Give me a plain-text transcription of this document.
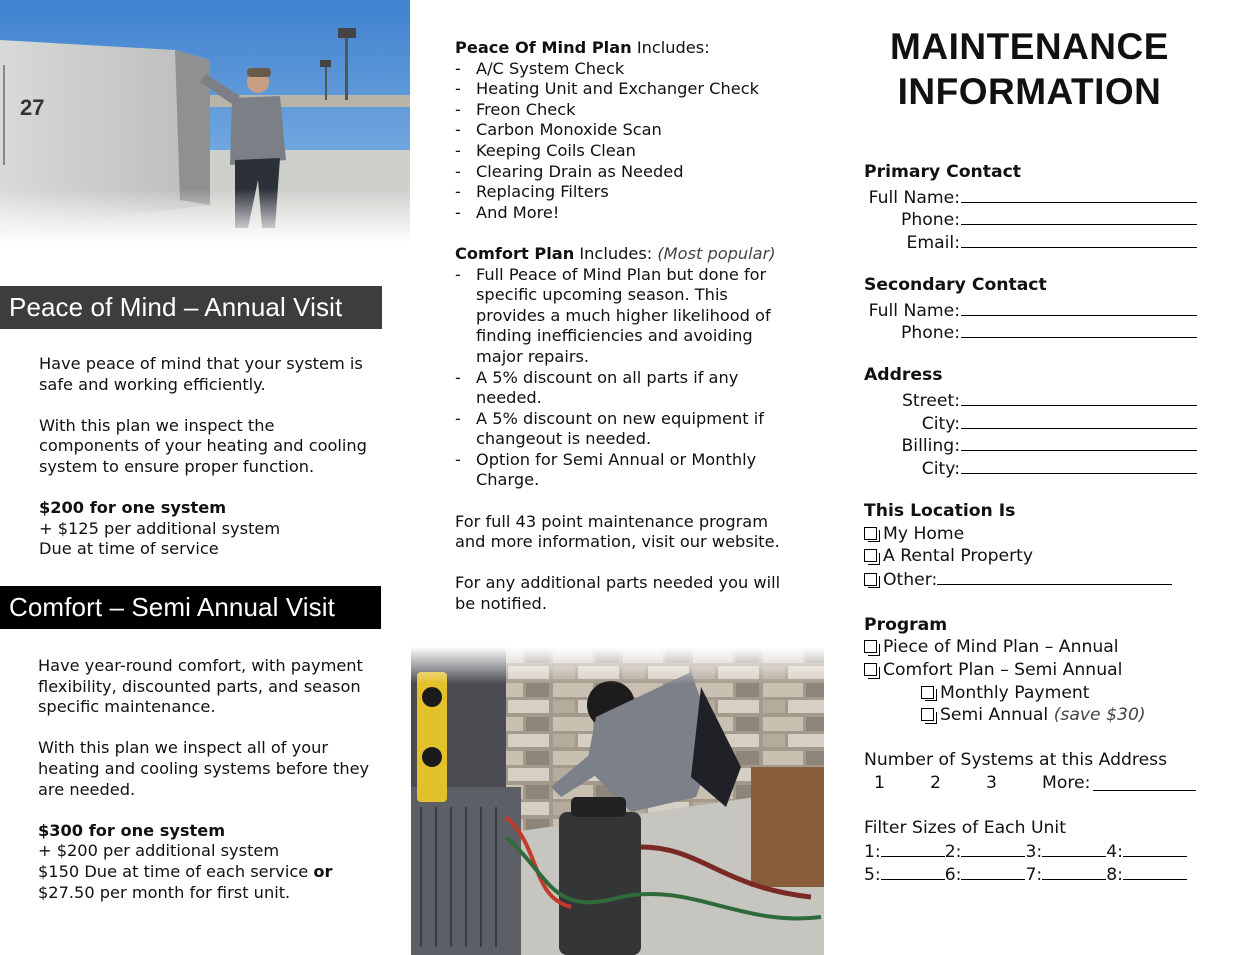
Peace of Mind – Annual Visit

Have peace of mind that your system is safe and working efficiently.

With this plan we inspect the components of your heating and cooling system to ensure proper function.

$200 for one system

+ $125 per additional system

Due at time of service

Comfort – Semi Annual Visit

Have year-round comfort, with payment flexibility, discounted parts, and season specific maintenance.

With this plan we inspect all of your heating and cooling systems before they are needed.

$300 for one system

+ $200 per additional system

$150 Due at time of each service or
$27.50 per month for first unit.

Peace Of Mind Plan Includes:

- A/C System Check
- Heating Unit and Exchanger Check
- Freon Check
- Carbon Monoxide Scan
- Keeping Coils Clean
- Clearing Drain as Needed
- Replacing Filters
- And More!

Comfort Plan Includes: (Most popular)

- Full Peace of Mind Plan but done for specific upcoming season. This provides a much higher likelihood of finding inefficiencies and avoiding major repairs.
- A 5% discount on all parts if any needed.
- A 5% discount on new equipment if changeout is needed.
- Option for Semi Annual or Monthly Charge.

For full 43 point maintenance program and more information, visit our website.

For any additional parts needed you will be notified.

MAINTENANCE
INFORMATION
Primary Contact
Full Name:
Phone:
Email:
Secondary Contact
Full Name:
Phone:
Address
Street:
City:
Billing:
City:
This Location Is
My Home
A Rental Property
Other:
Program
Piece of Mind Plan – Annual
Comfort Plan – Semi Annual
Monthly Payment
Semi Annual (save $30)
Number of Systems at this Address
1	2	3	More:
Filter Sizes of Each Unit
1:	2:	3:	4:
5:	6:	7:	8:
